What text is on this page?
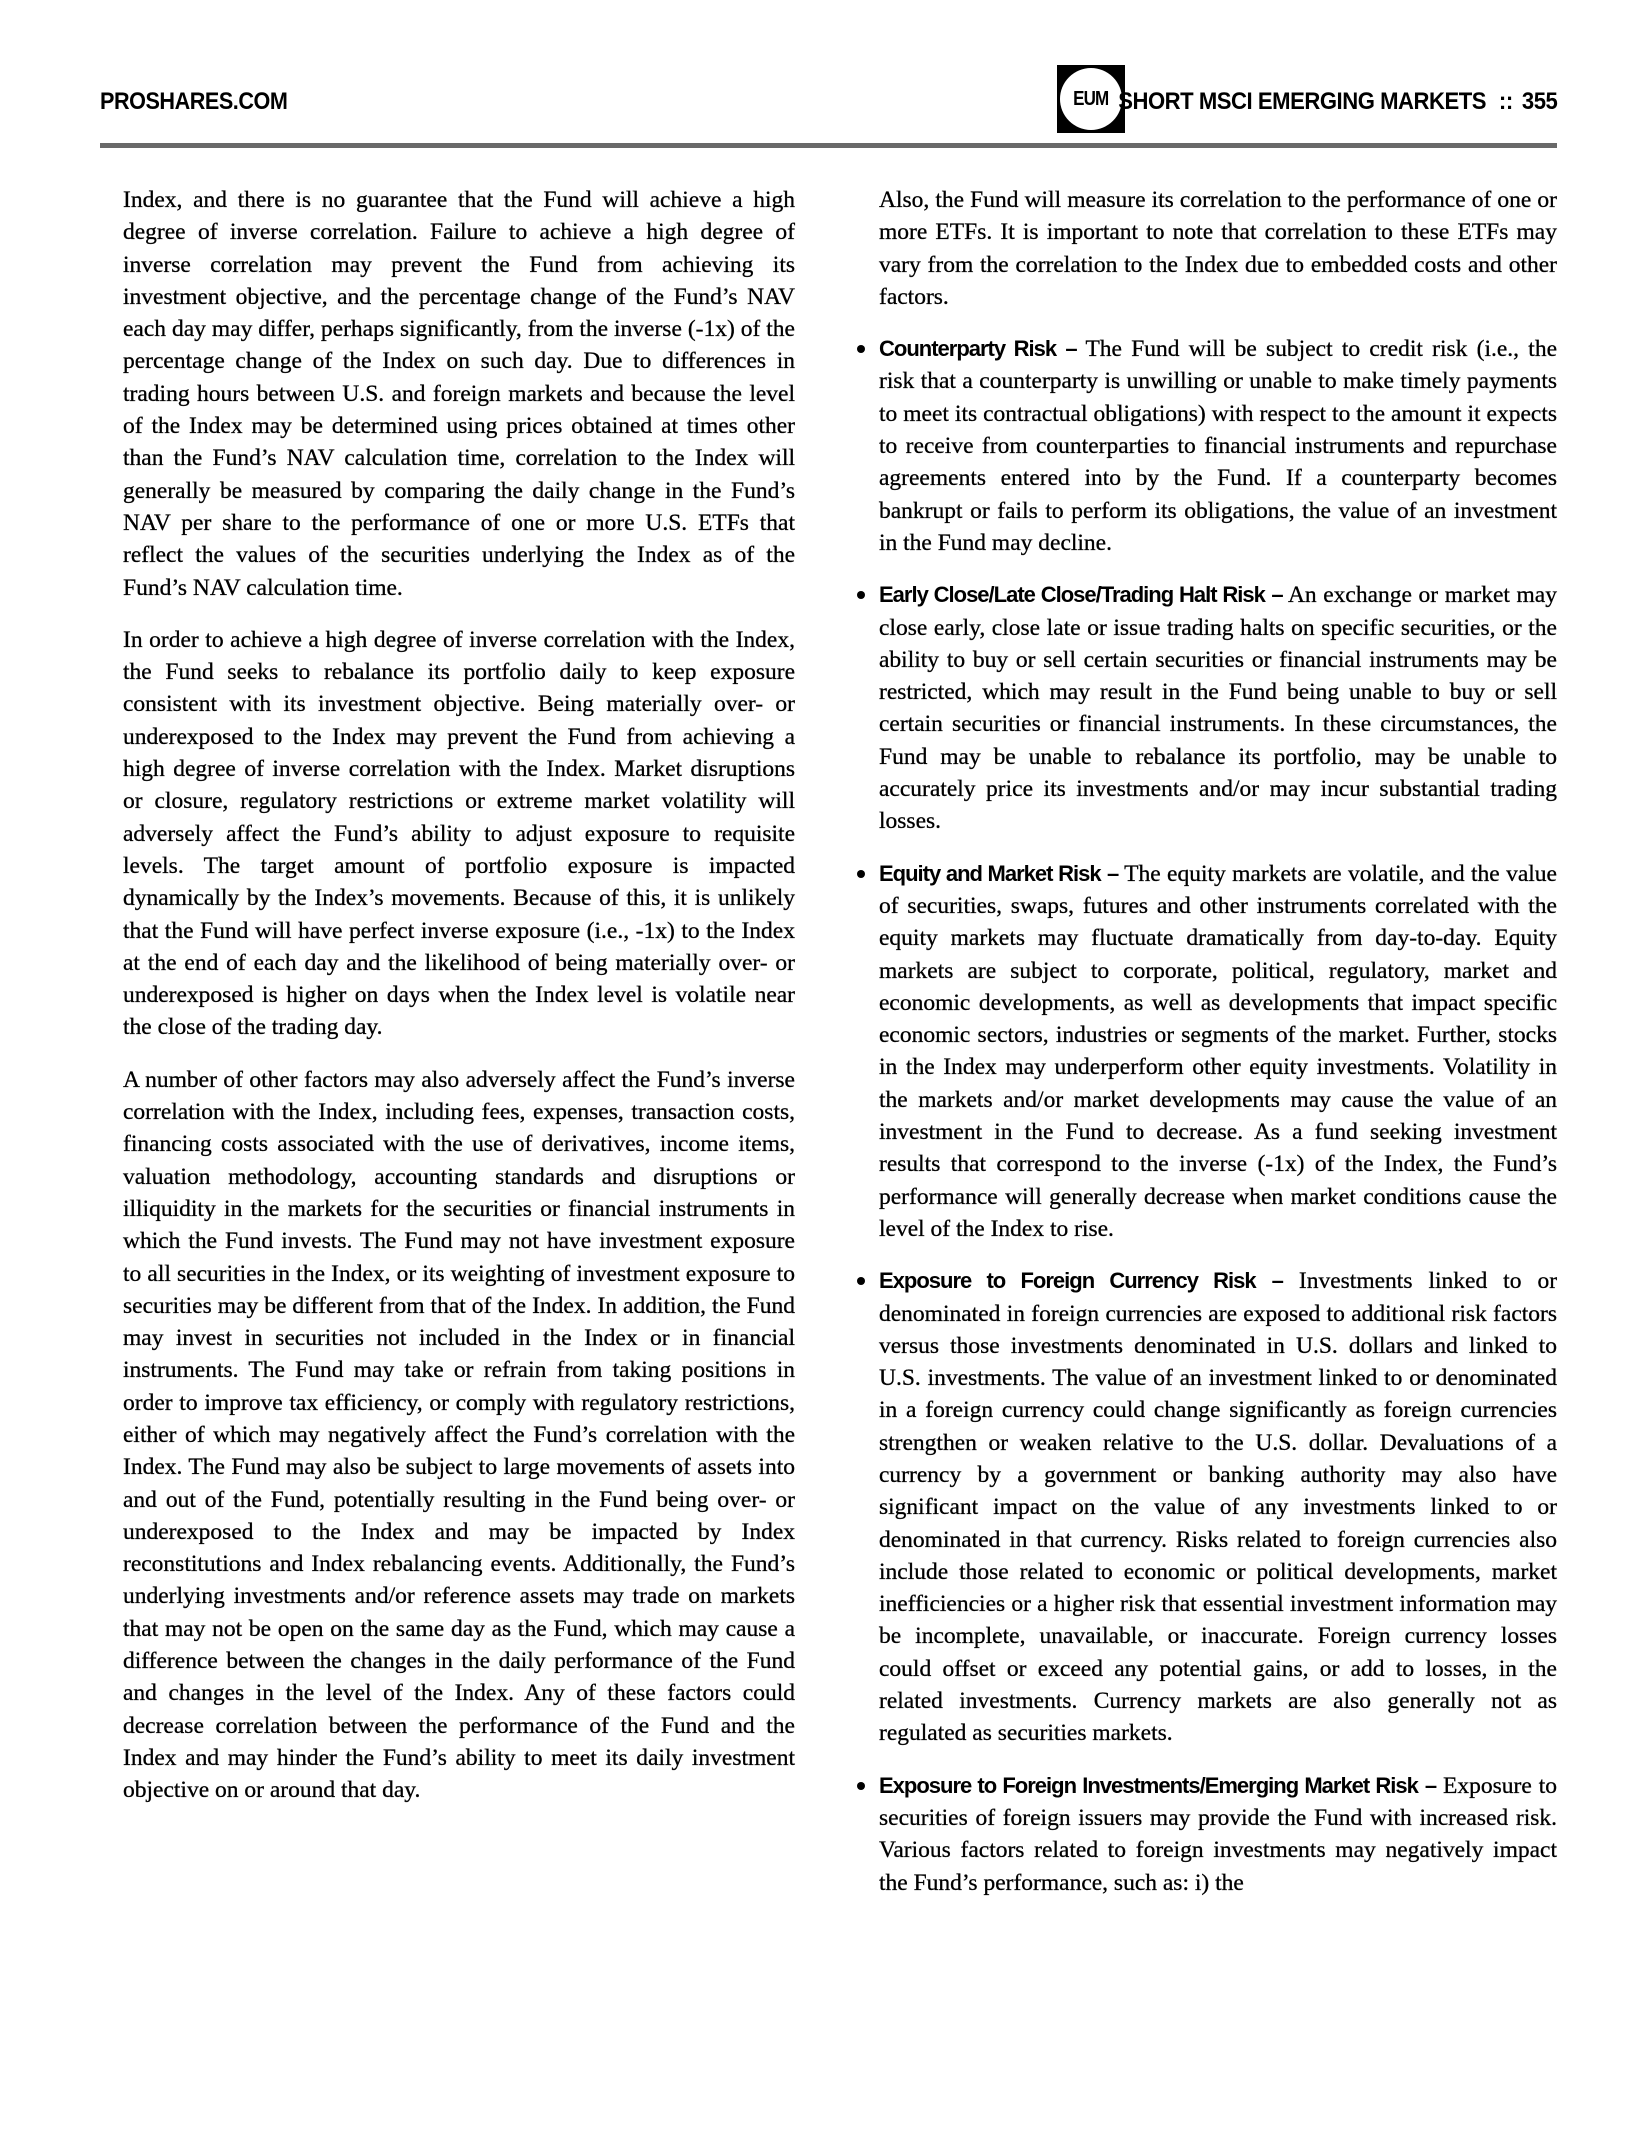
PROSHARES.COM	EUM SHORT MSCI EMERGING MARKETS :: 355

Index, and there is no guarantee that the Fund will achieve a high degree of inverse correlation. Failure to achieve a high degree of inverse correlation may prevent the Fund from achieving its investment objective, and the percentage change of the Fund’s NAV each day may differ, perhaps significantly, from the inverse (-1x) of the percentage change of the Index on such day. Due to differences in trading hours between U.S. and foreign markets and because the level of the Index may be determined using prices obtained at times other than the Fund’s NAV calculation time, correlation to the Index will generally be measured by comparing the daily change in the Fund’s NAV per share to the performance of one or more U.S. ETFs that reflect the values of the securities underlying the Index as of the Fund’s NAV calculation time.

In order to achieve a high degree of inverse correlation with the Index, the Fund seeks to rebalance its portfolio daily to keep exposure consistent with its investment objective. Being materially over- or underexposed to the Index may prevent the Fund from achieving a high degree of inverse correlation with the Index. Market disruptions or closure, regulatory restrictions or extreme market volatility will adversely affect the Fund’s ability to adjust exposure to requisite levels. The target amount of portfolio exposure is impacted dynamically by the Index’s movements. Because of this, it is unlikely that the Fund will have perfect inverse exposure (i.e., -1x) to the Index at the end of each day and the likelihood of being materially over- or underexposed is higher on days when the Index level is volatile near the close of the trading day.

A number of other factors may also adversely affect the Fund’s inverse correlation with the Index, including fees, expenses, transaction costs, financing costs associated with the use of derivatives, income items, valuation methodology, accounting standards and disruptions or illiquidity in the markets for the securities or financial instruments in which the Fund invests. The Fund may not have investment exposure to all securities in the Index, or its weighting of investment exposure to securities may be different from that of the Index. In addition, the Fund may invest in securities not included in the Index or in financial instruments. The Fund may take or refrain from taking positions in order to improve tax efficiency, or comply with regulatory restrictions, either of which may negatively affect the Fund’s correlation with the Index. The Fund may also be subject to large movements of assets into and out of the Fund, potentially resulting in the Fund being over- or underexposed to the Index and may be impacted by Index reconstitutions and Index rebalancing events. Additionally, the Fund’s underlying investments and/or reference assets may trade on markets that may not be open on the same day as the Fund, which may cause a difference between the changes in the daily performance of the Fund and changes in the level of the Index. Any of these factors could decrease correlation between the performance of the Fund and the Index and may hinder the Fund’s ability to meet its daily investment objective on or around that day.

Also, the Fund will measure its correlation to the performance of one or more ETFs. It is important to note that correlation to these ETFs may vary from the correlation to the Index due to embedded costs and other factors.

Counterparty Risk – The Fund will be subject to credit risk (i.e., the risk that a counterparty is unwilling or unable to make timely payments to meet its contractual obligations) with respect to the amount it expects to receive from counterparties to financial instruments and repurchase agreements entered into by the Fund. If a counterparty becomes bankrupt or fails to perform its obligations, the value of an investment in the Fund may decline.
Early Close/Late Close/Trading Halt Risk – An exchange or market may close early, close late or issue trading halts on specific securities, or the ability to buy or sell certain securities or financial instruments may be restricted, which may result in the Fund being unable to buy or sell certain securities or financial instruments. In these circumstances, the Fund may be unable to rebalance its portfolio, may be unable to accurately price its investments and/or may incur substantial trading losses.
Equity and Market Risk – The equity markets are volatile, and the value of securities, swaps, futures and other instruments correlated with the equity markets may fluctuate dramatically from day-to-day. Equity markets are subject to corporate, political, regulatory, market and economic developments, as well as developments that impact specific economic sectors, industries or segments of the market. Further, stocks in the Index may underperform other equity investments. Volatility in the markets and/or market developments may cause the value of an investment in the Fund to decrease. As a fund seeking investment results that correspond to the inverse (-1x) of the Index, the Fund’s performance will generally decrease when market conditions cause the level of the Index to rise.
Exposure to Foreign Currency Risk – Investments linked to or denominated in foreign currencies are exposed to additional risk factors versus those investments denominated in U.S. dollars and linked to U.S. investments. The value of an investment linked to or denominated in a foreign currency could change significantly as foreign currencies strengthen or weaken relative to the U.S. dollar. Devaluations of a currency by a government or banking authority may also have significant impact on the value of any investments linked to or denominated in that currency. Risks related to foreign currencies also include those related to economic or political developments, market inefficiencies or a higher risk that essential investment information may be incomplete, unavailable, or inaccurate. Foreign currency losses could offset or exceed any potential gains, or add to losses, in the related investments. Currency markets are also generally not as regulated as securities markets.
Exposure to Foreign Investments/Emerging Market Risk – Exposure to securities of foreign issuers may provide the Fund with increased risk. Various factors related to foreign investments may negatively impact the Fund’s performance, such as: i) the
